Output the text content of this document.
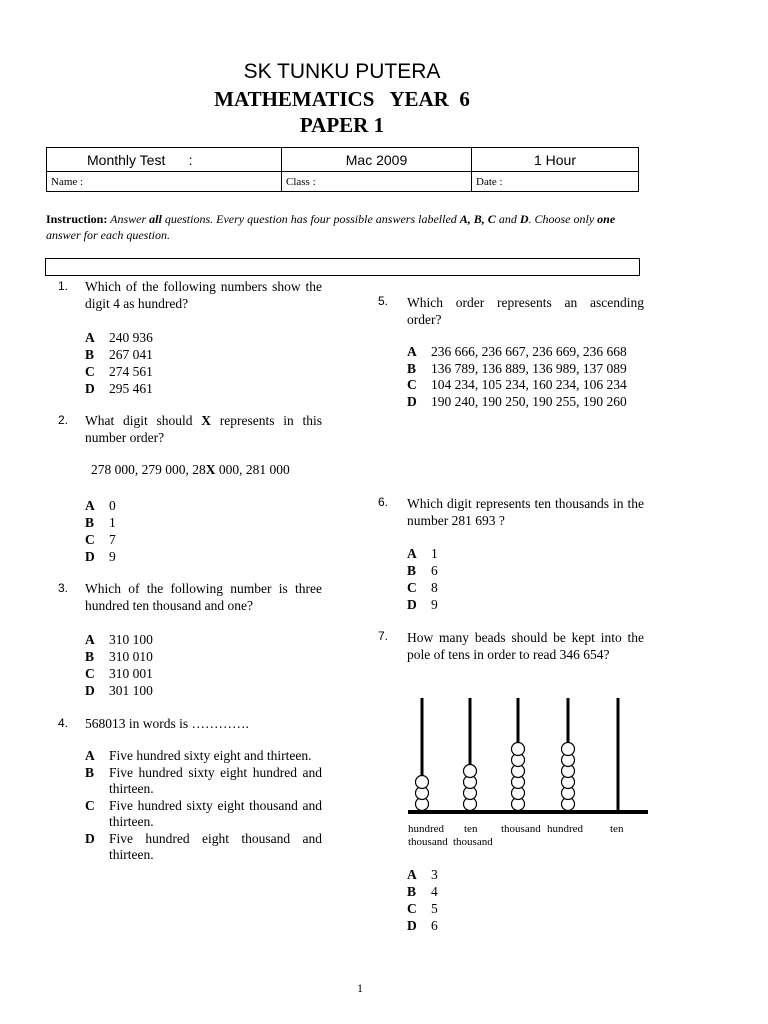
SK TUNKU PUTERA
MATHEMATICS   YEAR  6
PAPER 1
Monthly Test      :	Mac 2009	1 Hour
Name :	Class :	Date :
Instruction: Answer all questions. Every question has four possible answers labelled A, B, C and D. Choose only one answer for each question.
1. Which of the following numbers show the digit 4 as hundred?
A 240 936
B 267 041
C 274 561
D 295 461
2. What digit should X represents in this number order?
278 000, 279 000, 28X 000, 281 000
A 0
B 1
C 7
D 9
3. Which of the following number is three hundred ten thousand and one?
A 310 100
B 310 010
C 310 001
D 301 100
4. 568013 in words is ………….
A Five hundred sixty eight and thirteen.
B Five hundred sixty eight hundred and thirteen.
C Five hundred sixty eight thousand and thirteen.
D Five hundred eight thousand and thirteen.
5. Which order represents an ascending order?
A 236 666, 236 667, 236 669, 236 668
B 136 789, 136 889, 136 989, 137 089
C 104 234, 105 234, 160 234, 106 234
D 190 240, 190 250, 190 255, 190 260
6. Which digit represents ten thousands in the number 281 693 ?
A 1
B 6
C 8
D 9
7. How many beads should be kept into the pole of tens in order to read 346 654?
hundred ten thousand hundred ten
thousand thousand
A 3
B 4
C 5
D 6
1
